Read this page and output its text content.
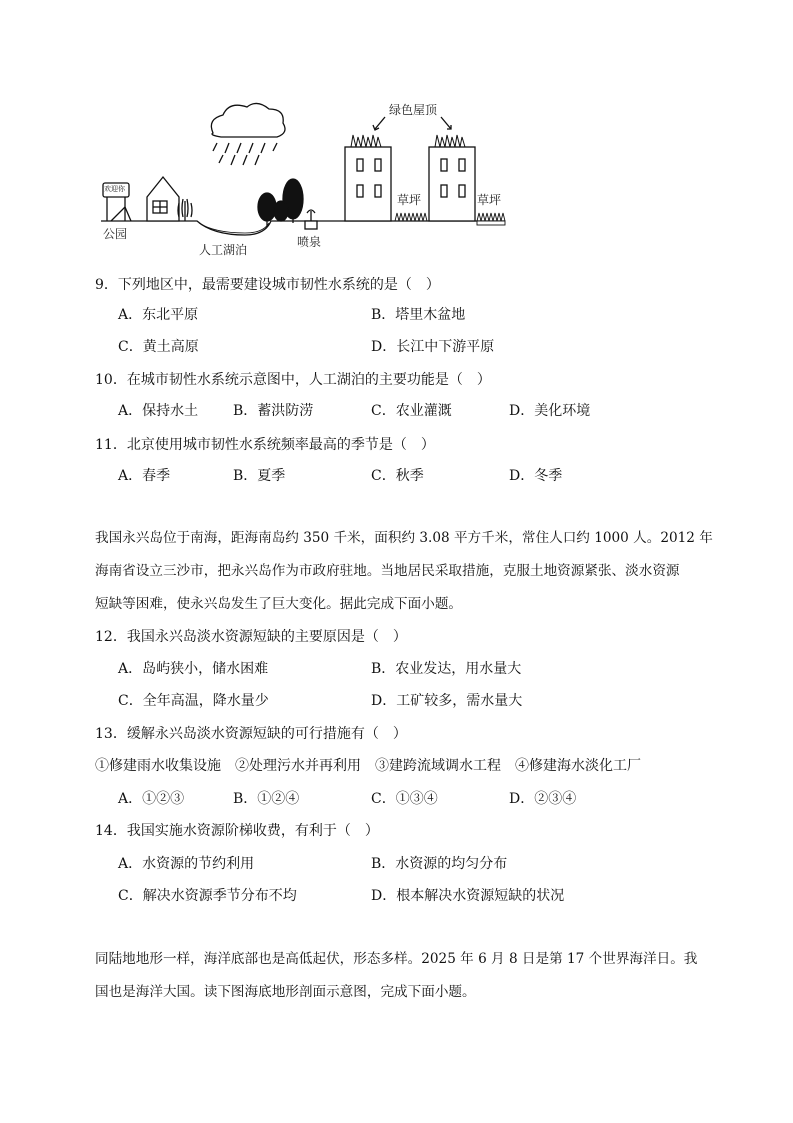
绿色屋顶
草坪	草坪
公园
欢迎你
人工湖泊
喷泉
9．下列地区中，最需要建设城市韧性水系统的是（　）
A．东北平原	B．塔里木盆地
C．黄土高原	D．长江中下游平原
10．在城市韧性水系统示意图中，人工湖泊的主要功能是（　）
A．保持水土 B．蓄洪防涝	C．农业灌溉	D．美化环境
11．北京使用城市韧性水系统频率最高的季节是（　）
A．春季	B．夏季	C．秋季	D．冬季
我国永兴岛位于南海，距海南岛约 350 千米，面积约 3.08 平方千米，常住人口约 1000 人。2012 年
海南省设立三沙市，把永兴岛作为市政府驻地。当地居民采取措施，克服土地资源紧张、淡水资源
短缺等困难，使永兴岛发生了巨大变化。据此完成下面小题。
12．我国永兴岛淡水资源短缺的主要原因是（　）
A．岛屿狭小，储水困难	B．农业发达，用水量大
C．全年高温，降水量少	D．工矿较多，需水量大
13．缓解永兴岛淡水资源短缺的可行措施有（　）
①修建雨水收集设施　②处理污水并再利用　③建跨流域调水工程　④修建海水淡化工厂
A．①②③	B．①②④	C．①③④	D．②③④
14．我国实施水资源阶梯收费，有利于（　）
A．水资源的节约利用	B．水资源的均匀分布
C．解决水资源季节分布不均	D．根本解决水资源短缺的状况
同陆地地形一样，海洋底部也是高低起伏，形态多样。2025 年 6 月 8 日是第 17 个世界海洋日。我
国也是海洋大国。读下图海底地形剖面示意图，完成下面小题。
